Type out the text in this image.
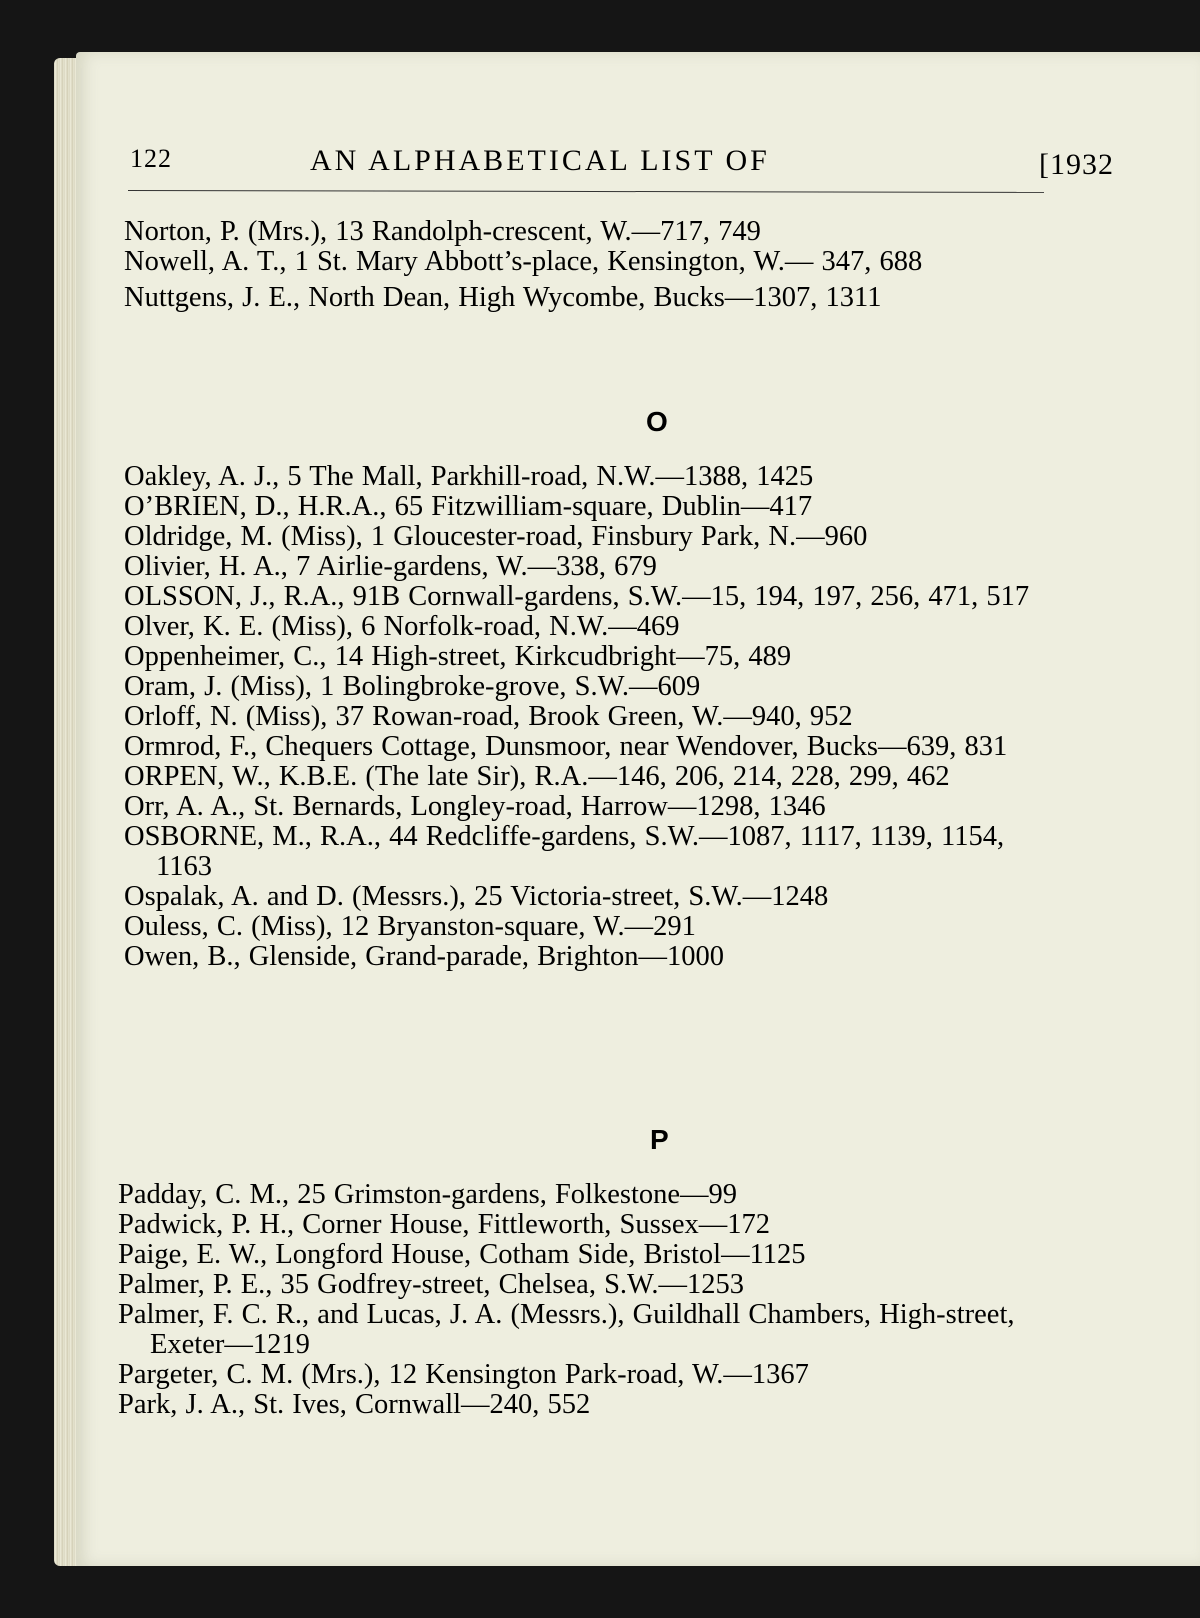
122	AN ALPHABETICAL LIST OF	[1932

Norton, P. (Mrs.), 13 Randolph-crescent, W.—717, 749

Nowell, A. T., 1 St. Mary Abbott’s-place, Kensington, W.— 347, 688

Nuttgens, J. E., North Dean, High Wycombe, Bucks—1307, 1311

O

Oakley, A. J., 5 The Mall, Parkhill-road, N.W.—1388, 1425

O’BRIEN, D., H.R.A., 65 Fitzwilliam-square, Dublin—417

Oldridge, M. (Miss), 1 Gloucester-road, Finsbury Park, N.—960

Olivier, H. A., 7 Airlie-gardens, W.—338, 679

OLSSON, J., R.A., 91B Cornwall-gardens, S.W.—15, 194, 197, 256, 471, 517

Olver, K. E. (Miss), 6 Norfolk-road, N.W.—469

Oppenheimer, C., 14 High-street, Kirkcudbright—75, 489

Oram, J. (Miss), 1 Bolingbroke-grove, S.W.—609

Orloff, N. (Miss), 37 Rowan-road, Brook Green, W.—940, 952

Ormrod, F., Chequers Cottage, Dunsmoor, near Wendover, Bucks—639, 831

ORPEN, W., K.B.E. (The late Sir), R.A.—146, 206, 214, 228, 299, 462

Orr, A. A., St. Bernards, Longley-road, Harrow—1298, 1346

OSBORNE, M., R.A., 44 Redcliffe-gardens, S.W.—1087, 1117, 1139, 1154, 1163

Ospalak, A. and D. (Messrs.), 25 Victoria-street, S.W.—1248

Ouless, C. (Miss), 12 Bryanston-square, W.—291

Owen, B., Glenside, Grand-parade, Brighton—1000

P

Padday, C. M., 25 Grimston-gardens, Folkestone—99

Padwick, P. H., Corner House, Fittleworth, Sussex—172

Paige, E. W., Longford House, Cotham Side, Bristol—1125

Palmer, P. E., 35 Godfrey-street, Chelsea, S.W.—1253

Palmer, F. C. R., and Lucas, J. A. (Messrs.), Guildhall Chambers, High-street, Exeter—1219

Pargeter, C. M. (Mrs.), 12 Kensington Park-road, W.—1367

Park, J. A., St. Ives, Cornwall—240, 552
